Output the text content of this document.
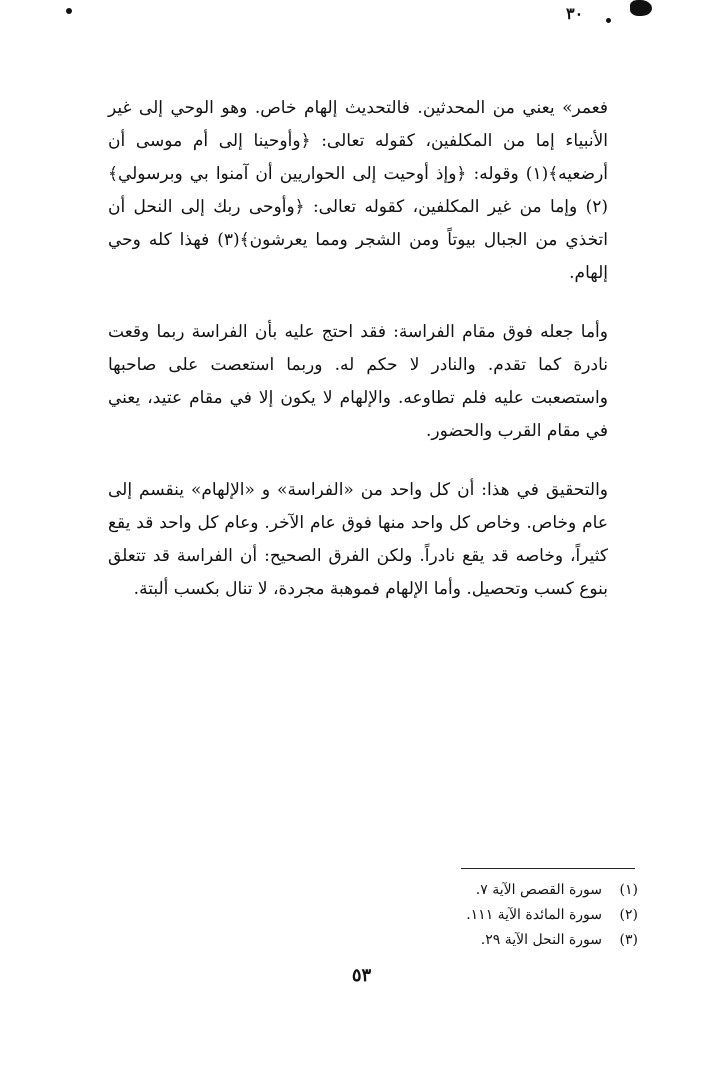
٣٠

فعمر» يعني من المحدثين. فالتحديث إلهام خاص. وهو الوحي إلى غير الأنبياء إما من المكلفين، كقوله تعالى: ﴿وأوحينا إلى أم موسى أن أرضعيه﴾(١) وقوله: ﴿وإذ أوحيت إلى الحواريين أن آمنوا بي وبرسولي﴾(٢) وإما من غير المكلفين، كقوله تعالى: ﴿وأوحى ربك إلى النحل أن اتخذي من الجبال بيوتاً ومن الشجر ومما يعرشون﴾(٣) فهذا كله وحي إلهام.

وأما جعله فوق مقام الفراسة: فقد احتج عليه بأن الفراسة ربما وقعت نادرة كما تقدم. والنادر لا حكم له. وربما استعصت على صاحبها واستصعبت عليه فلم تطاوعه. والإلهام لا يكون إلا في مقام عتيد، يعني في مقام القرب والحضور.

والتحقيق في هذا: أن كل واحد من «الفراسة» و «الإلهام» ينقسم إلى عام وخاص. وخاص كل واحد منها فوق عام الآخر. وعام كل واحد قد يقع كثيراً، وخاصه قد يقع نادراً. ولكن الفرق الصحيح: أن الفراسة قد تتعلق بنوع كسب وتحصيل. وأما الإلهام فموهبة مجردة، لا تنال بكسب ألبتة.

(١)
سورة القصص الآية ٧.
(٢)
سورة المائدة الآية ١١١.
(٣)
سورة النحل الآية ٢٩.
٥٣
